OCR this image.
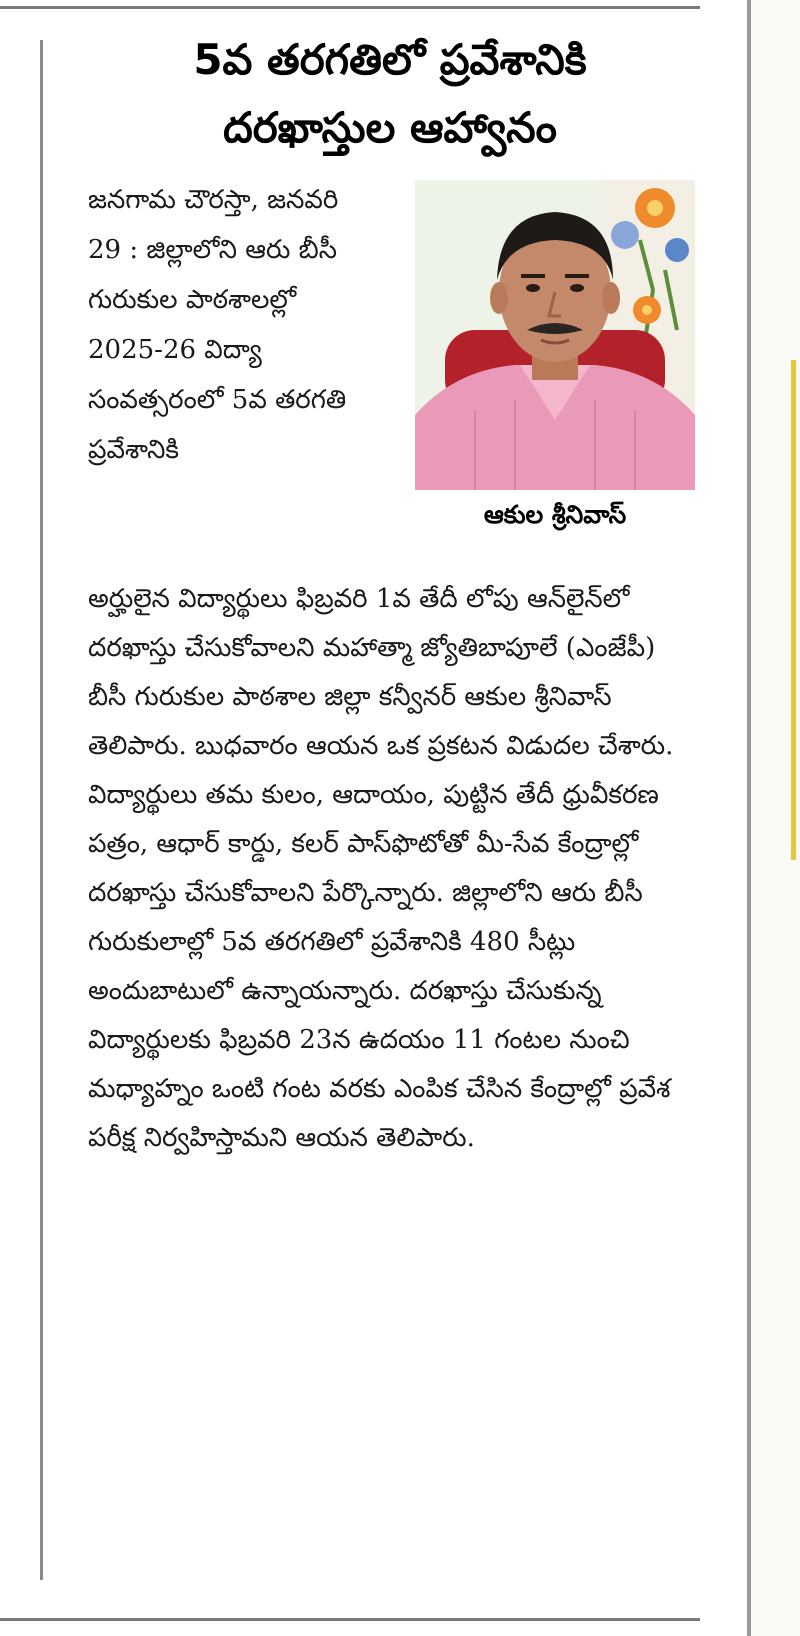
5వ తరగతిలో ప్రవేశానికి
దరఖాస్తుల ఆహ్వానం

జనగామ చౌరస్తా, జనవరి 29 : జిల్లాలోని ఆరు బీసీ గురుకుల పాఠశాలల్లో 2025-26 విద్యా సంవత్సరంలో 5వ తరగతి ప్రవేశానికి

ఆకుల శ్రీనివాస్

అర్హులైన విద్యార్థులు ఫిబ్రవరి 1వ తేదీ లోపు ఆన్‌లైన్‌లో దరఖాస్తు చేసుకోవాలని మహాత్మా జ్యోతిబాపూలే (ఎంజేపీ) బీసీ గురుకుల పాఠశాల జిల్లా కన్వీనర్ ఆకుల శ్రీనివాస్ తెలిపారు. బుధవారం ఆయన ఒక ప్రకటన విడుదల చేశారు. విద్యార్థులు తమ కులం, ఆదాయం, పుట్టిన తేదీ ధ్రువీకరణ పత్రం, ఆధార్ కార్డు, కలర్ పాస్‌ఫొటోతో మీ-సేవ కేంద్రాల్లో దరఖాస్తు చేసుకోవాలని పేర్కొన్నారు. జిల్లాలోని ఆరు బీసీ గురుకులాల్లో 5వ తరగతిలో ప్రవేశానికి 480 సీట్లు అందుబాటులో ఉన్నాయన్నారు. దరఖాస్తు చేసుకున్న విద్యార్థులకు ఫిబ్రవరి 23న ఉదయం 11 గంటల నుంచి మధ్యాహ్నం ఒంటి గంట వరకు ఎంపిక చేసిన కేంద్రాల్లో ప్రవేశ పరీక్ష నిర్వహిస్తామని ఆయన తెలిపారు.
